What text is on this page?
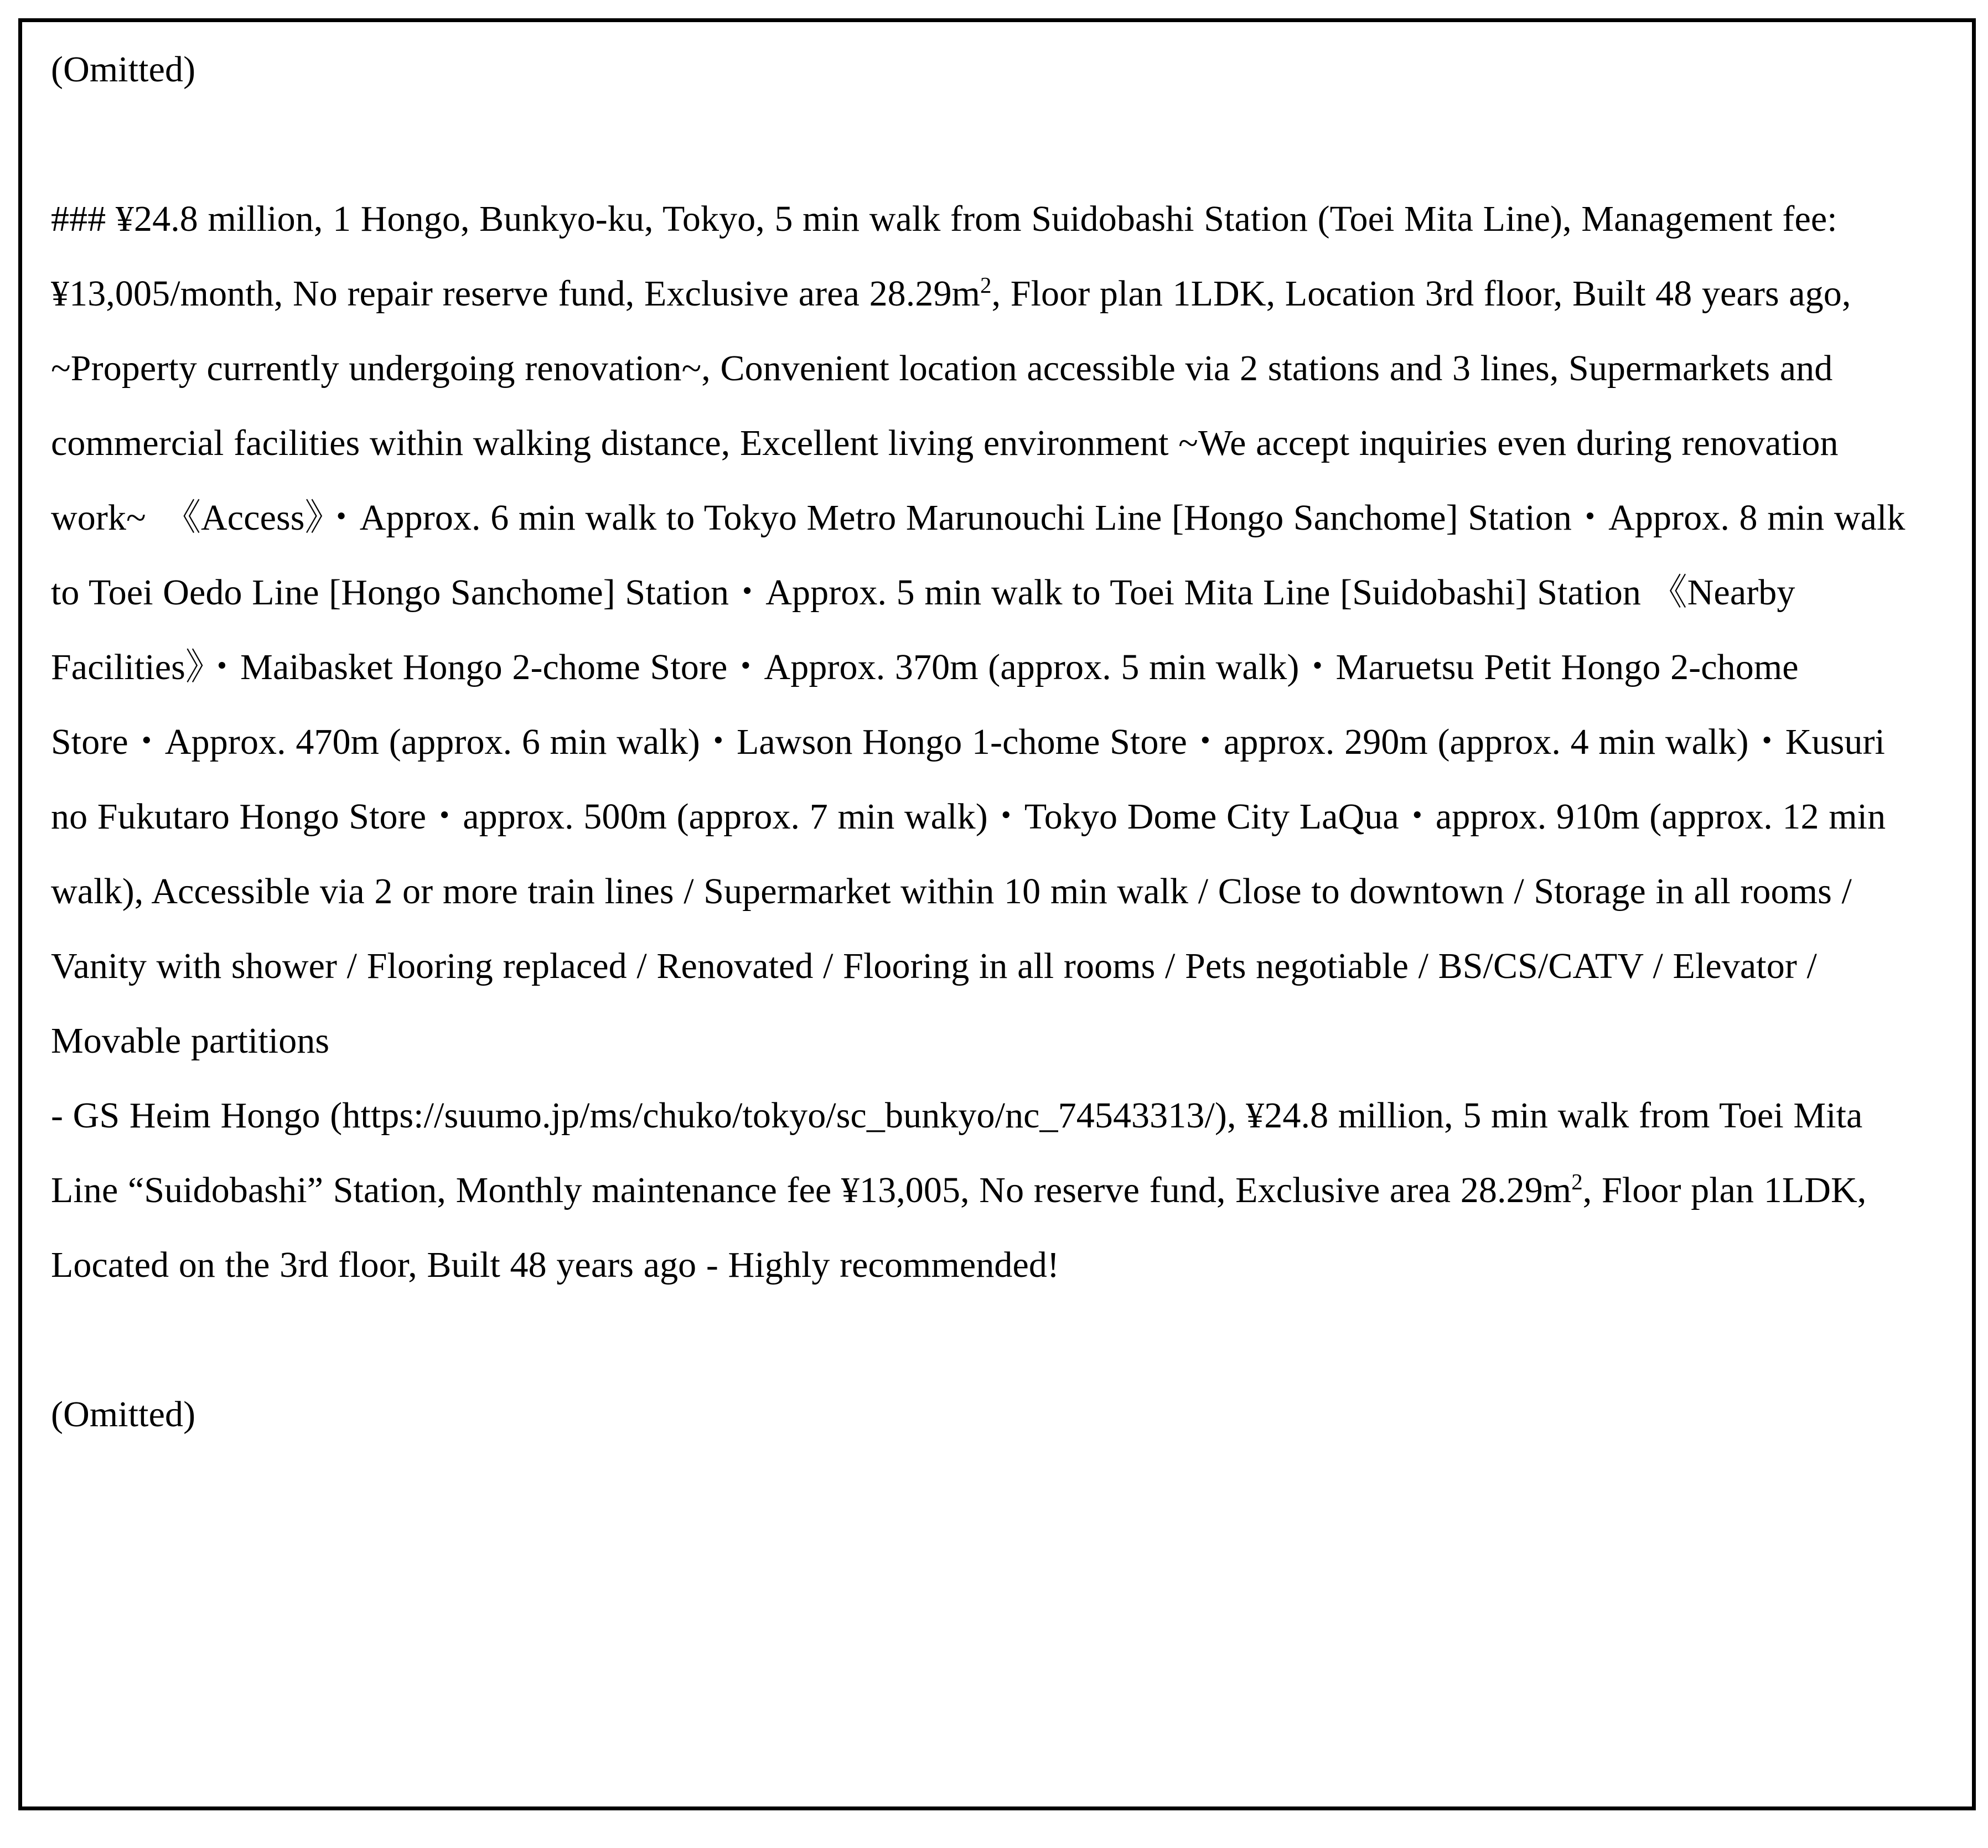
(Omitted)

### ¥24.8 million, 1 Hongo, Bunkyo-ku, Tokyo, 5 min walk from Suidobashi Station (Toei Mita Line), Management fee: ¥13,005/month, No repair reserve fund, Exclusive area $28.29m^2$, Floor plan 1LDK, Location 3rd floor, Built 48 years ago, ~Property currently undergoing renovation~, Convenient location accessible via 2 stations and 3 lines, Supermarkets and commercial facilities within walking distance, Excellent living environment ~We accept inquiries even during renovation work~　《Access》・Approx. 6 min walk to Tokyo Metro Marunouchi Line [Hongo Sanchome] Station・Approx. 8 min walk to Toei Oedo Line [Hongo Sanchome] Station・Approx. 5 min walk to Toei Mita Line [Suidobashi] Station 《Nearby Facilities》・Maibasket Hongo 2-chome Store・Approx. 370m (approx. 5 min walk)・Maruetsu Petit Hongo 2-chome Store・Approx. 470m (approx. 6 min walk)・Lawson Hongo 1-chome Store・approx. 290m (approx. 4 min walk)・Kusuri no Fukutaro Hongo Store・approx. 500m (approx. 7 min walk)・Tokyo Dome City LaQua・approx. 910m (approx. 12 min walk), Accessible via 2 or more train lines / Supermarket within 10 min walk / Close to downtown / Storage in all rooms / Vanity with shower / Flooring replaced / Renovated / Flooring in all rooms / Pets negotiable / BS/CS/CATV / Elevator / Movable partitions

- GS Heim Hongo (https://suumo.jp/ms/chuko/tokyo/sc_bunkyo/nc_74543313/), ¥24.8 million, 5 min walk from Toei Mita Line “Suidobashi” Station, Monthly maintenance fee ¥13,005, No reserve fund, Exclusive area $28.29m^2$, Floor plan 1LDK, Located on the 3rd floor, Built 48 years ago - Highly recommended!

(Omitted)
